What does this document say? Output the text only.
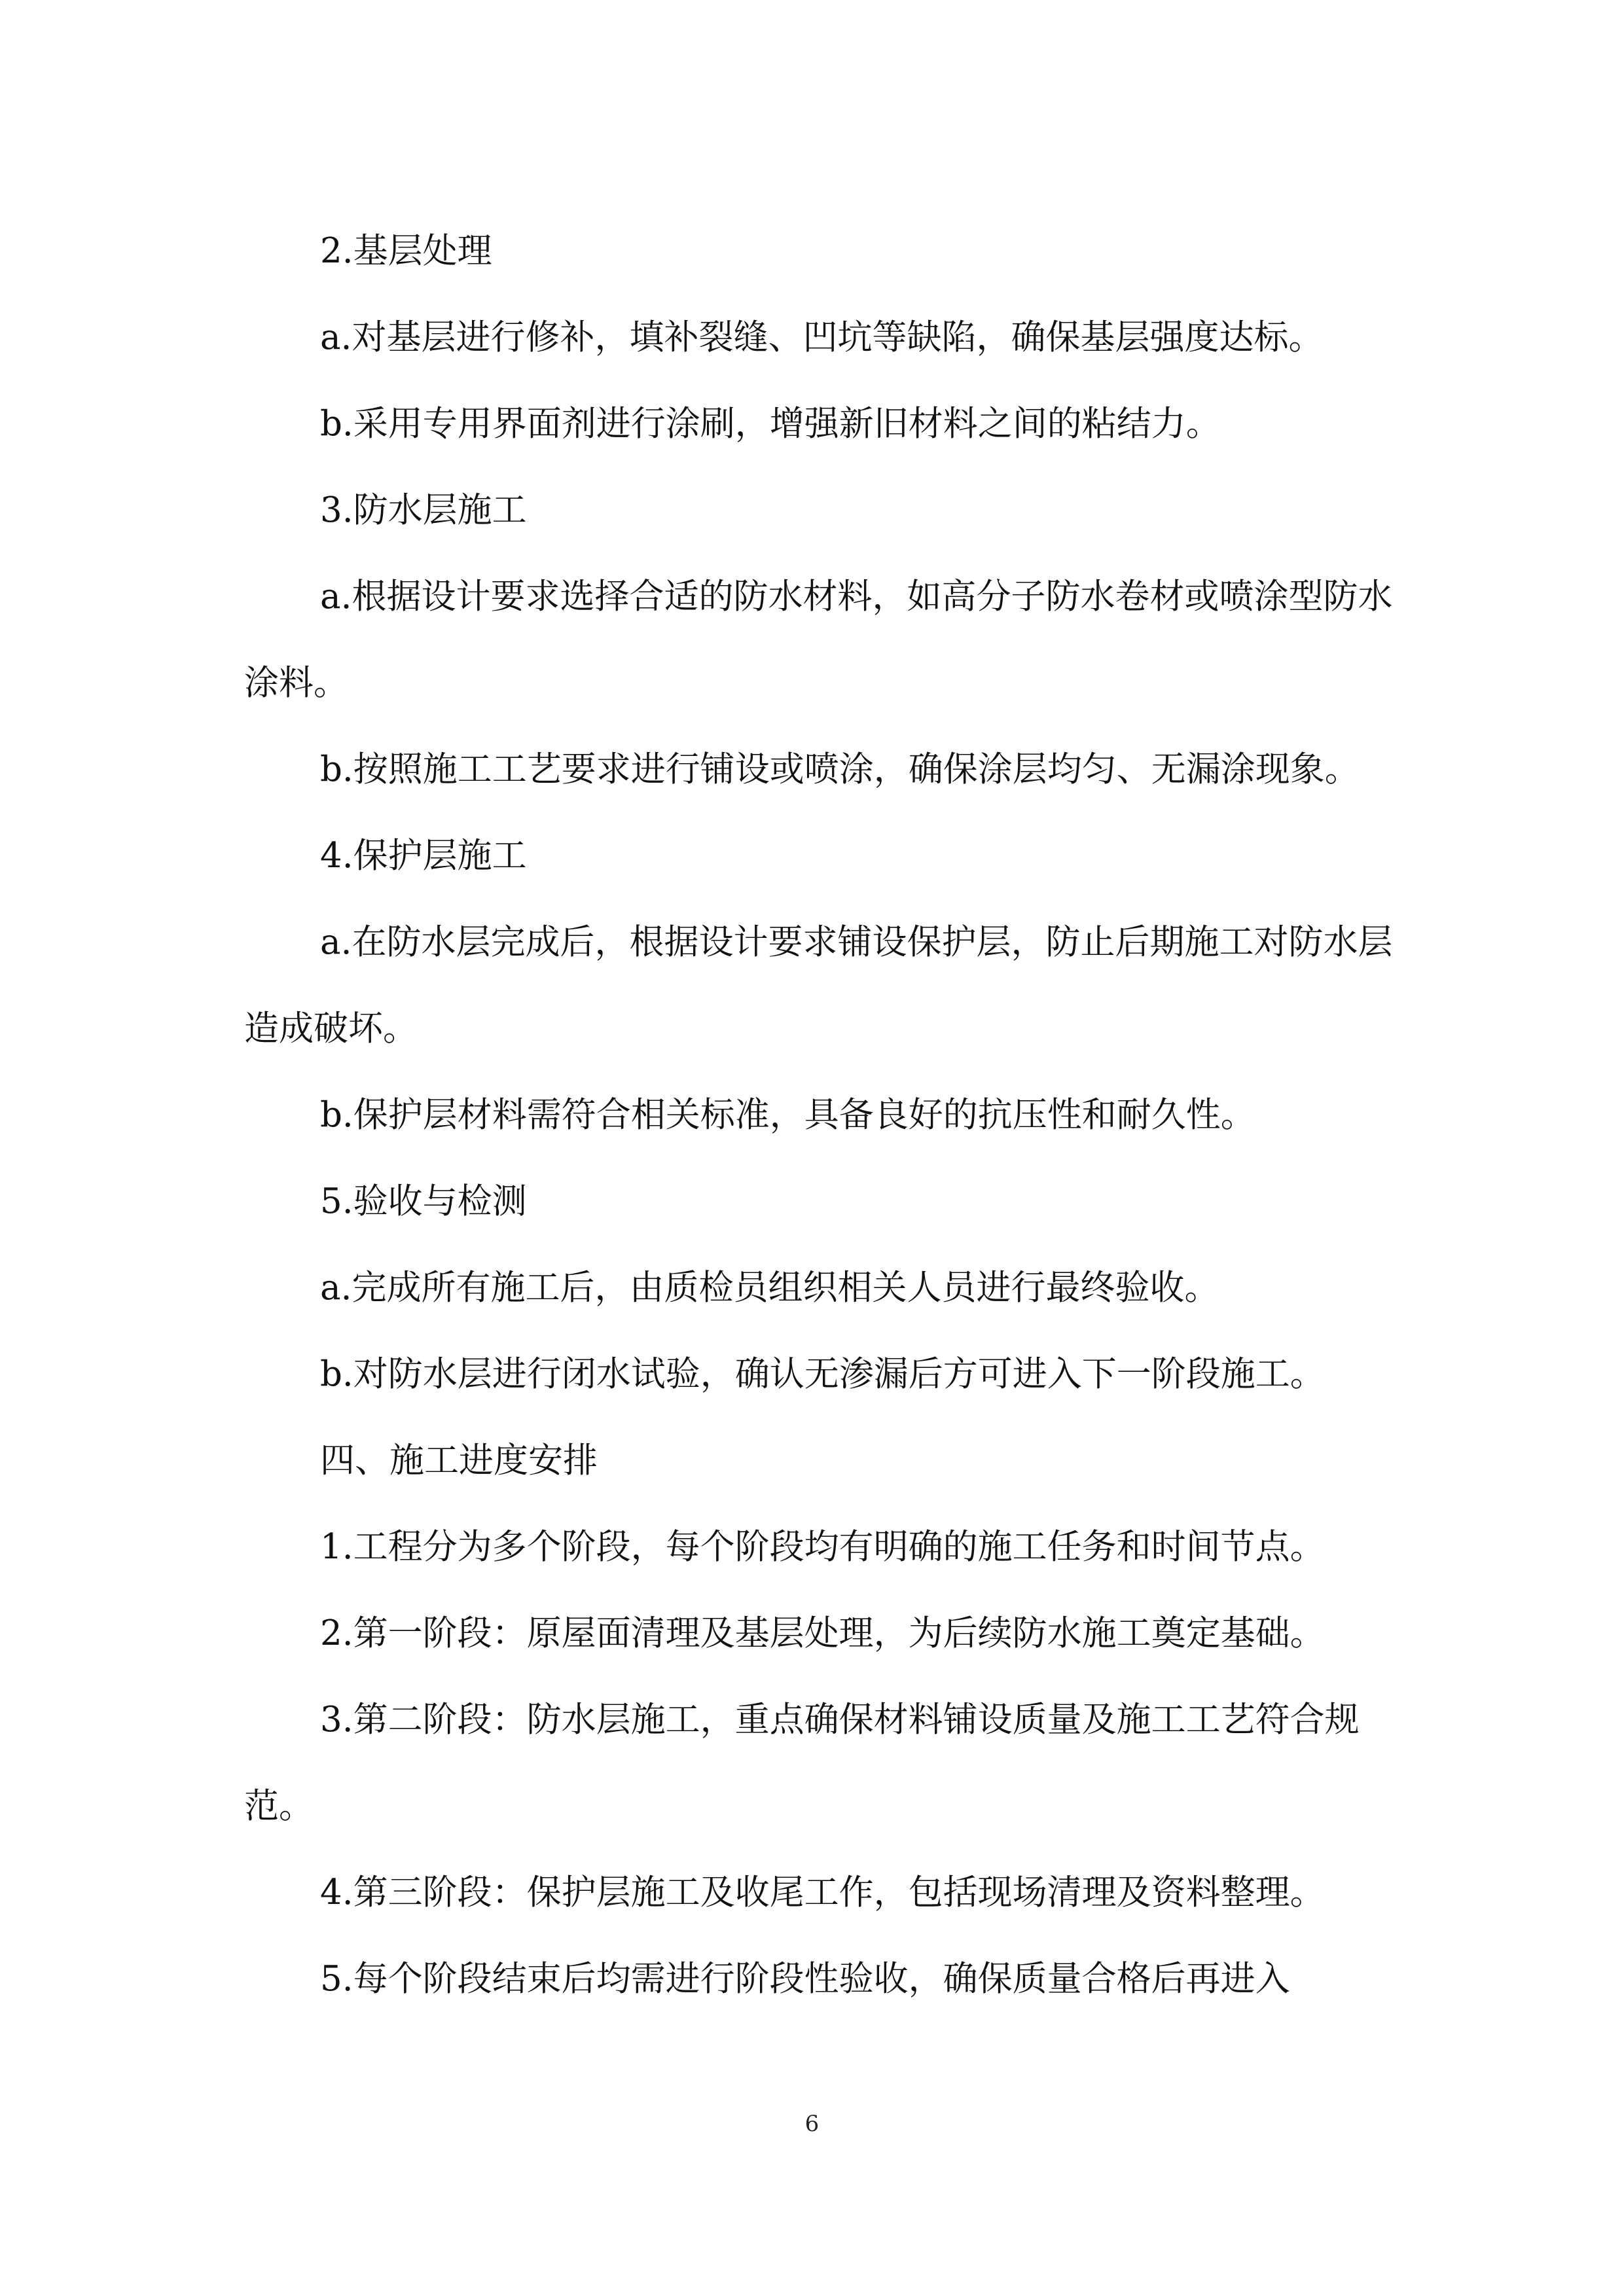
2.基层处理

a.对基层进行修补，填补裂缝、凹坑等缺陷，确保基层强度达标。

b.采用专用界面剂进行涂刷，增强新旧材料之间的粘结力。

3.防水层施工

a.根据设计要求选择合适的防水材料，如高分子防水卷材或喷涂型防水涂料。

b.按照施工工艺要求进行铺设或喷涂，确保涂层均匀、无漏涂现象。

4.保护层施工

a.在防水层完成后，根据设计要求铺设保护层，防止后期施工对防水层造成破坏。

b.保护层材料需符合相关标准，具备良好的抗压性和耐久性。

5.验收与检测

a.完成所有施工后，由质检员组织相关人员进行最终验收。

b.对防水层进行闭水试验，确认无渗漏后方可进入下一阶段施工。

四、施工进度安排

1.工程分为多个阶段，每个阶段均有明确的施工任务和时间节点。

2.第一阶段：原屋面清理及基层处理，为后续防水施工奠定基础。

3.第二阶段：防水层施工，重点确保材料铺设质量及施工工艺符合规范。

4.第三阶段：保护层施工及收尾工作，包括现场清理及资料整理。

5.每个阶段结束后均需进行阶段性验收，确保质量合格后再进入

6
